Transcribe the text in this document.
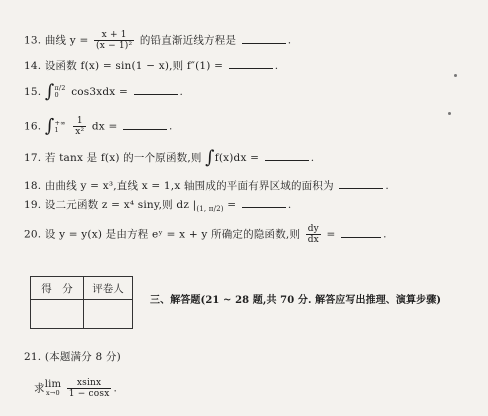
13. 曲线 $y = \frac{x + 1}{\text{(x − 1)²}}$ 的铅直渐近线方程是	.
14. 设函数 f(x) = sin(1 − x),则 f″(1) =	.
15. ∫ π/2
0	cos3xdx =	.
16. ∫ +∞
1
	$\frac{1}{\text{x²}}$ dx =	.
17. 若 tanx 是 f(x) 的一个原函数,则 ∫f(x)dx =	.
18. 由曲线 y = x³,直线 x = 1,x 轴围成的平面有界区域的面积为	.
19. 设二元函数 z = x⁴ siny,则 dz $|_{(1, \pi/2)}$ =	.
20. 设 y = y(x) 是由方程 eʸ = x + y 所确定的隐函数,则 $\frac{dy}{dx}$ =	.
得　分	评卷人

三、解答题(21 ~ 28 题,共 70 分. 解答应写出推理、演算步骤)
21. (本题满分 8 分)
求 lim
x→0
$\frac{xsinx}{1 - \cos x}$ .
